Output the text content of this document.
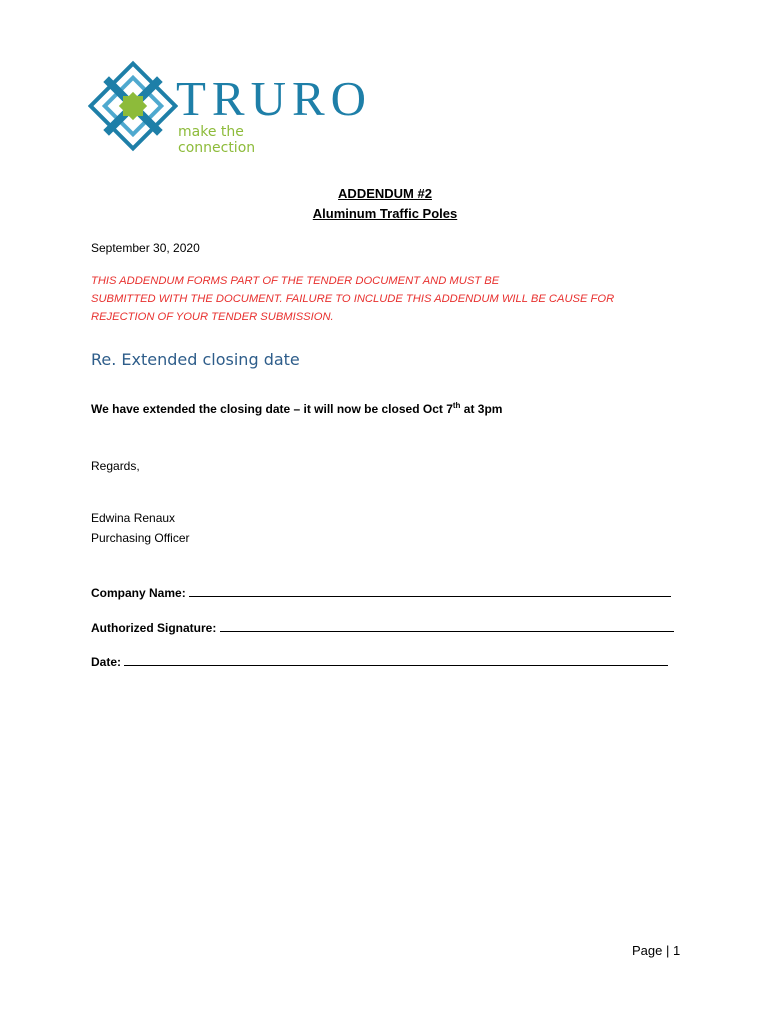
TRURO
make the connection
ADDENDUM #2
Aluminum Traffic Poles
September 30, 2020
THIS ADDENDUM FORMS PART OF THE TENDER DOCUMENT AND MUST BE
SUBMITTED WITH THE DOCUMENT. FAILURE TO INCLUDE THIS ADDENDUM WILL BE CAUSE FOR
REJECTION OF YOUR TENDER SUBMISSION.
Re. Extended closing date
We have extended the closing date – it will now be closed Oct 7th at 3pm
Regards,
Edwina Renaux
Purchasing Officer
Company Name:
Authorized Signature:
Date:
Page | 1
